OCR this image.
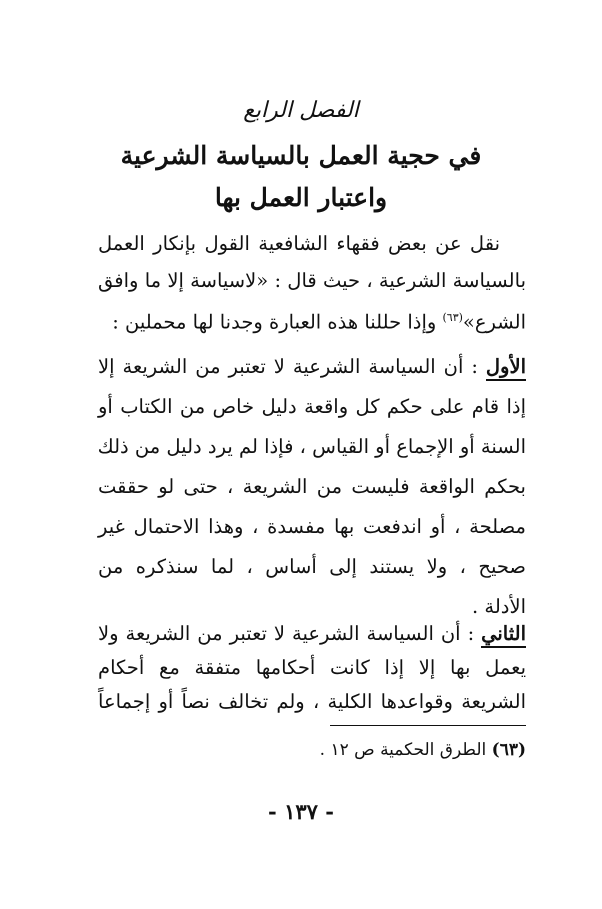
الفصل الرابع
في حجية العمل بالسياسة الشرعية
واعتبار العمل بها
نقل عن بعض فقهاء الشافعية القول بإنكار العمل
بالسياسة الشرعية ، حيث قال : «لاسياسة إلا ما وافق
الشرع»$^{(٦٣)}$ وإذا حللنا هذه العبارة وجدنا لها محملين :
الأول : أن السياسة الشرعية لا تعتبر من الشريعة إلا
إذا قام على حكم كل واقعة دليل خاص من الكتاب أو
السنة أو الإجماع أو القياس ، فإذا لم يرد دليل من ذلك
بحكم الواقعة فليست من الشريعة ، حتى لو حققت
مصلحة ، أو اندفعت بها مفسدة ، وهذا الاحتمال غير
صحيح ، ولا يستند إلى أساس ، لما سنذكره من
الأدلة .
الثاني : أن السياسة الشرعية لا تعتبر من الشريعة ولا
يعمل بها إلا إذا كانت أحكامها متفقة مع أحكام
الشريعة وقواعدها الكلية ، ولم تخالف نصاً أو إجماعاً
(٦٣) الطرق الحكمية ص ١٢ .
- ١٣٧ -
